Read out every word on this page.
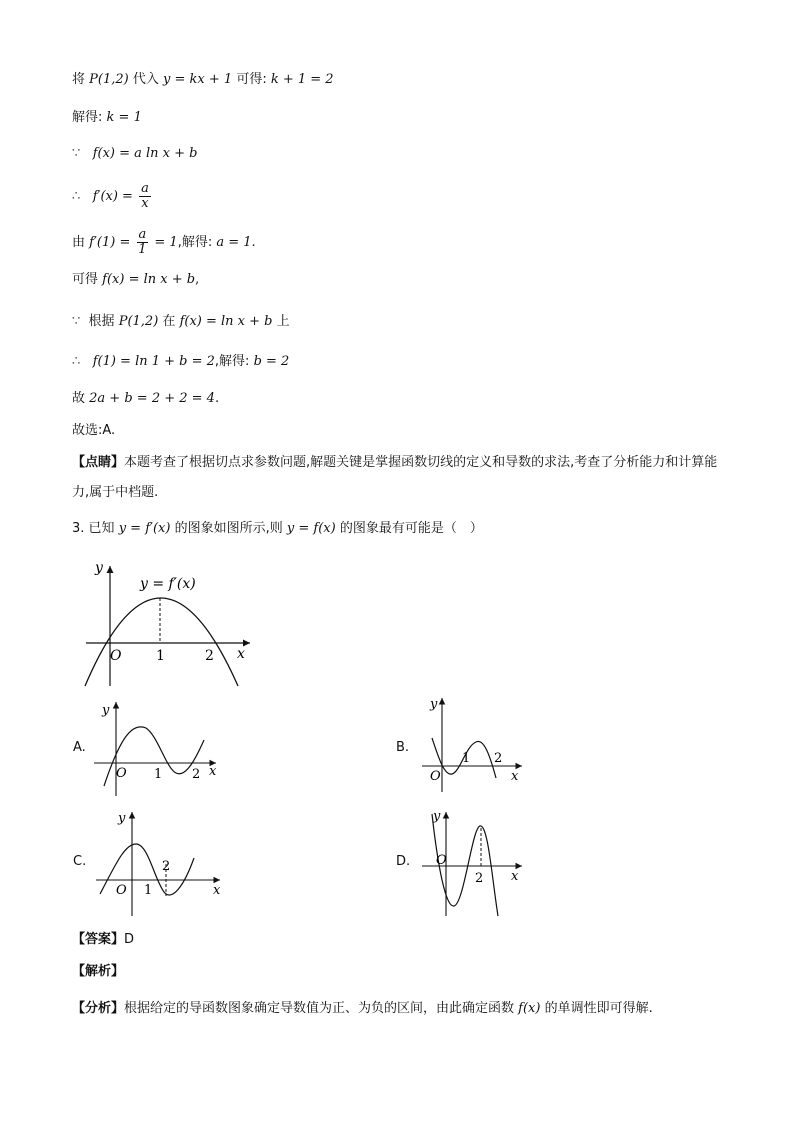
将 P(1,2) 代入 y = kx + 1 可得: k + 1 = 2
解得: k = 1
∵ f(x) = a ln x + b
∴ $f'(x) = \frac{a}{x}$
由 $f'(1) = \frac{a}{1} = 1$,解得: a = 1.
可得 f(x) = ln x + b,
∵ 根据 P(1,2) 在 f(x) = ln x + b 上
∴ f(1) = ln 1 + b = 2,解得: b = 2
故 2a + b = 2 + 2 = 4.
故选:A.
【点睛】本题考查了根据切点求参数问题,解题关键是掌握函数切线的定义和导数的求法,考查了分析能力和计算能力,属于中档题.
3. 已知 y = f′(x) 的图象如图所示,则 y = f(x) 的图象最有可能是（　）
y = f′(x)
y
x
O 1	2
A.
y
x
O 1 2
B.
y
x
O
1 2
C.
y
x
O 1
2	D.
y
x
O
2
【答案】D
【解析】
【分析】根据给定的导函数图象确定导数值为正、为负的区间，由此确定函数 f(x) 的单调性即可得解.
